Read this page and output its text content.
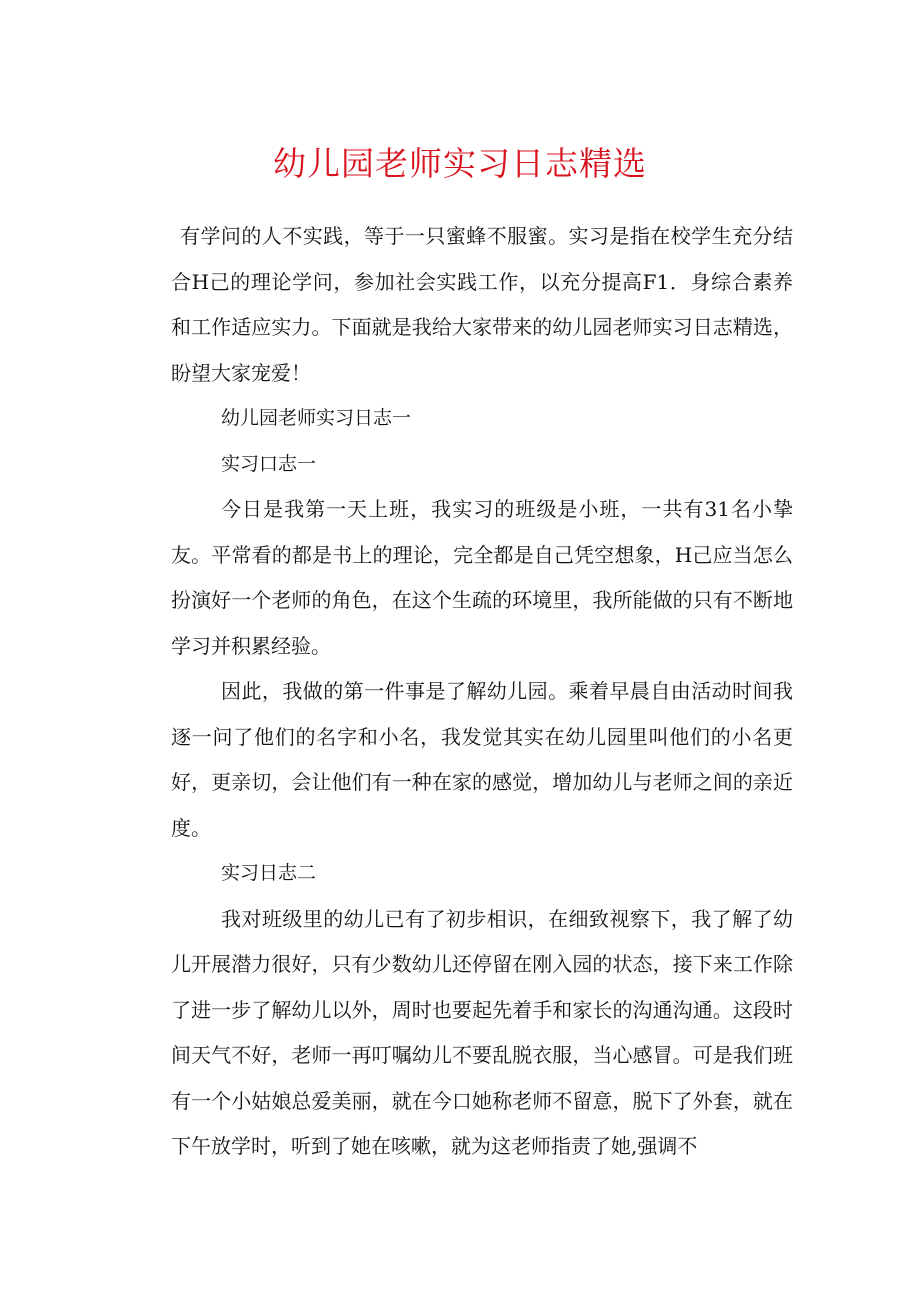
幼儿园老师实习日志精选

有学问的人不实践，等于一只蜜蜂不服蜜。实习是指在校学生充分结合H己的理论学问，参加社会实践工作，以充分提高F1．身综合素养和工作适应实力。下面就是我给大家带来的幼儿园老师实习日志精选，盼望大家宠爱！

幼儿园老师实习日志一

实习口志一

今日是我第一天上班，我实习的班级是小班，一共有31名小挚友。平常看的都是书上的理论，完全都是自己凭空想象，H己应当怎么扮演好一个老师的角色，在这个生疏的环境里，我所能做的只有不断地学习并积累经验。

因此，我做的第一件事是了解幼儿园。乘着早晨自由活动时间我逐一问了他们的名字和小名，我发觉其实在幼儿园里叫他们的小名更好，更亲切，会让他们有一种在家的感觉，增加幼儿与老师之间的亲近度。

实习日志二

我对班级里的幼儿已有了初步相识，在细致视察下，我了解了幼儿开展潜力很好，只有少数幼儿还停留在刚入园的状态，接下来工作除了进一步了解幼儿以外，周时也要起先着手和家长的沟通沟通。这段时间天气不好，老师一再叮嘱幼儿不要乱脱衣服，当心感冒。可是我们班有一个小姑娘总爱美丽，就在今口她称老师不留意，脱下了外套，就在下午放学时，听到了她在咳嗽，就为这老师指责了她,强调不
